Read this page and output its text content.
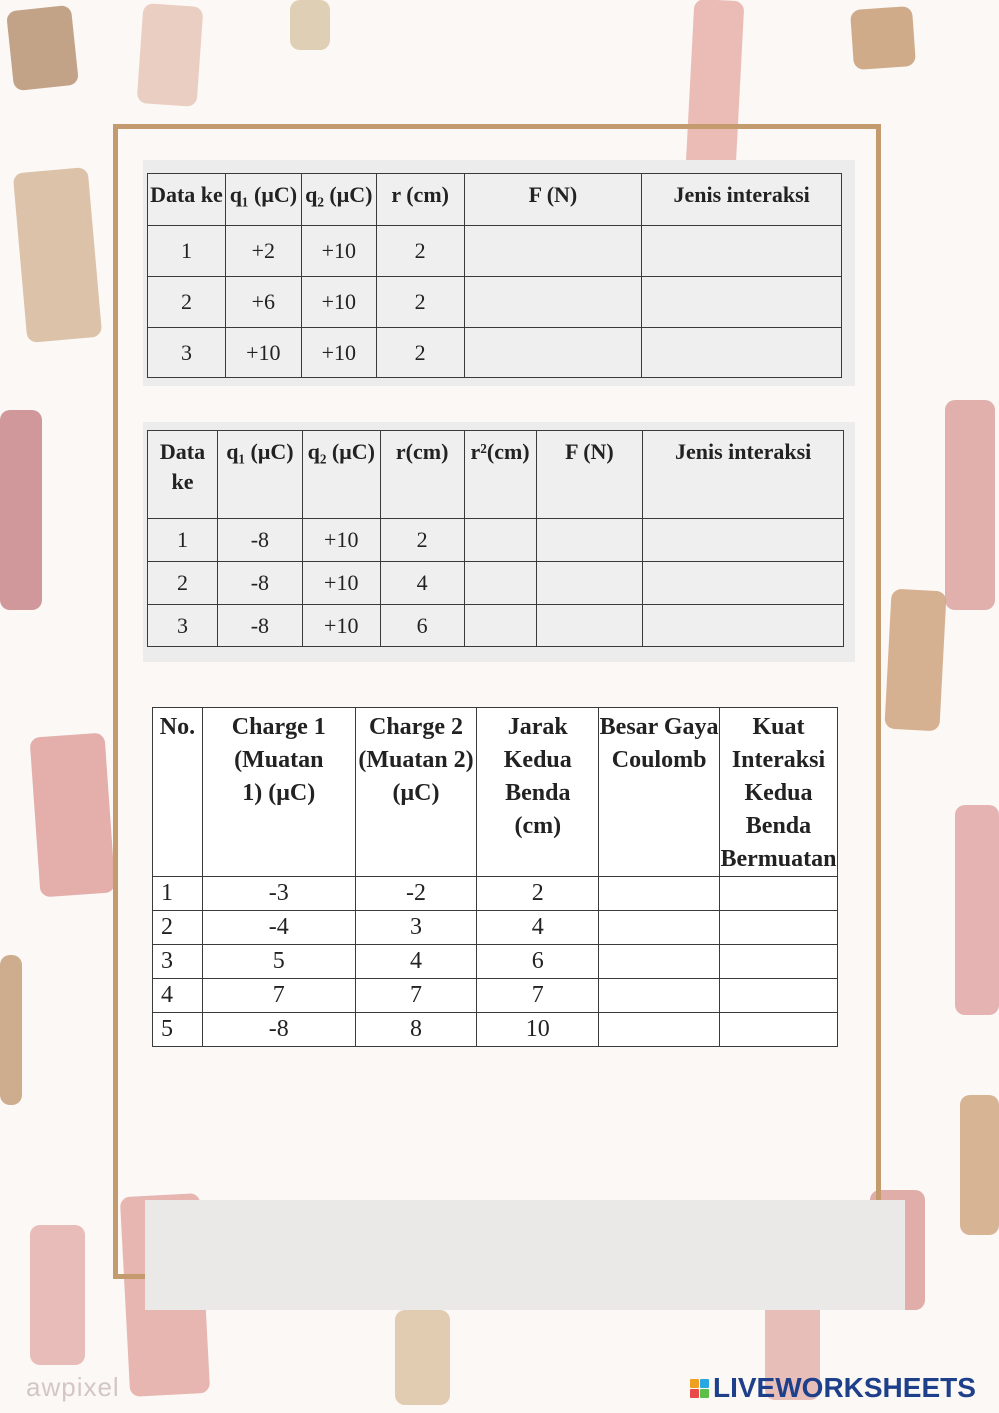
Data ke	q₁ (μC)	q₂ (μC)	r (cm)	F (N)	Jenis interaksi
1	+2	+10	2		
2	+6	+10	2		
3	+10	+10	2		
Data ke	q₁ (μC)	q₂ (μC)	r(cm)	r²(cm)	F (N)	Jenis interaksi
1	-8	+10	2			
2	-8	+10	4			
3	-8	+10	6			
No.	Charge 1 (Muatan 1) (μC)	Charge 2 (Muatan 2) (μC)	Jarak Kedua Benda (cm)	Besar Gaya Coulomb	Kuat Interaksi Kedua Benda Bermuatan
1	-3	-2	2		
2	-4	3	4		
3	5	4	6		
4	7	7	7		
5	-8	8	10		
awpixel	LIVEWORKSHEETS
